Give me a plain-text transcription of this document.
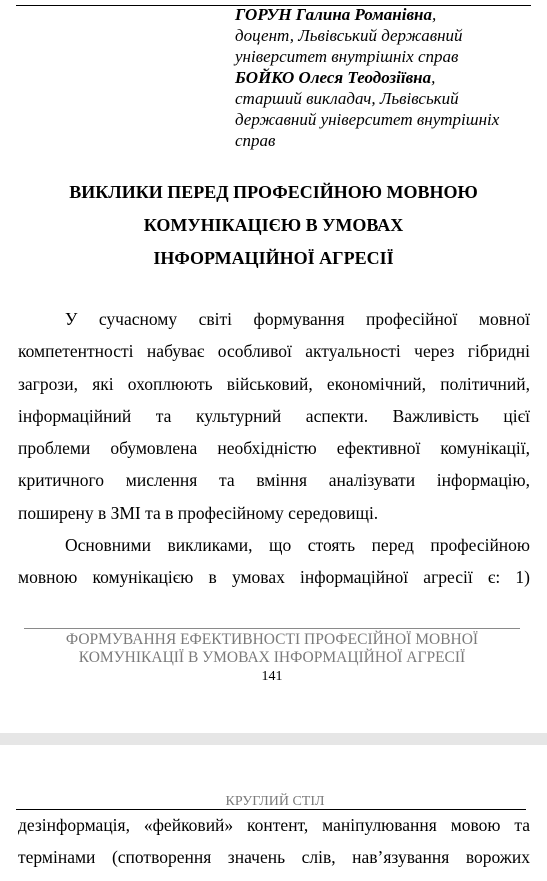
ГОРУН Галина Романівна,
доцент, Львівський державний
університет внутрішніх справ
БОЙКО Олеся Теодозіївна,
старший викладач, Львівський
державний університет внутрішніх
справ
ВИКЛИКИ ПЕРЕД ПРОФЕСІЙНОЮ МОВНОЮ
КОМУНІКАЦІЄЮ В УМОВАХ
ІНФОРМАЦІЙНОЇ АГРЕСІЇ
У сучасному світі формування професійної мовної
компетентності набуває особливої актуальності через гібридні
загрози, які охоплюють військовий, економічний, політичний,
інформаційний та культурний аспекти. Важливість цієї
проблеми обумовлена необхідністю ефективної комунікації,
критичного мислення та вміння аналізувати інформацію,
поширену в ЗМІ та в професійному середовищі.
Основними викликами, що стоять перед професійною
мовною комунікацією в умовах інформаційної агресії є: 1)
ФОРМУВАННЯ ЕФЕКТИВНОСТІ ПРОФЕСІЙНОЇ МОВНОЇ
КОМУНІКАЦІЇ В УМОВАХ ІНФОРМАЦІЙНОЇ АГРЕСІЇ
141
КРУГЛИЙ СТІЛ
дезінформація, «фейковий» контент, маніпулювання мовою та
термінами (спотворення значень слів, нав’язування ворожих
